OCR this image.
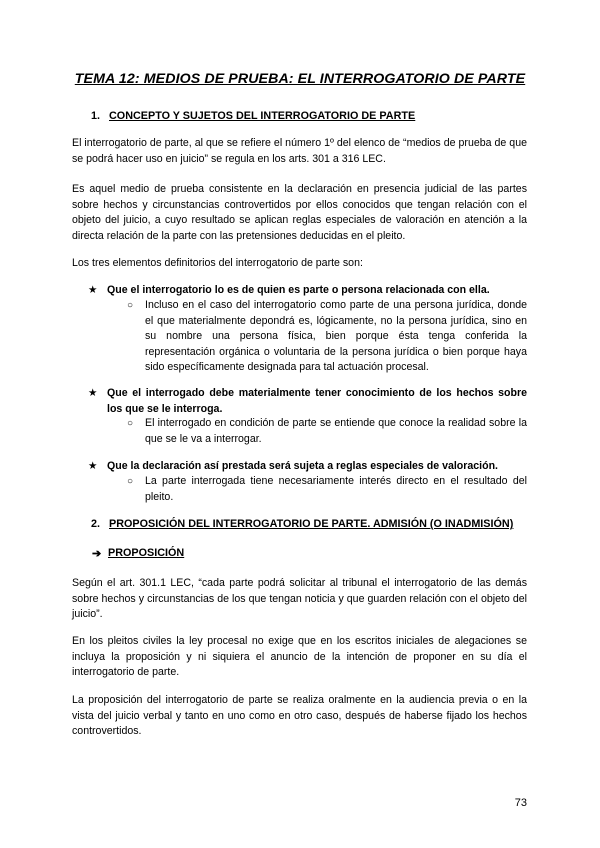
TEMA 12: MEDIOS DE PRUEBA: EL INTERROGATORIO DE PARTE
1. CONCEPTO Y SUJETOS DEL INTERROGATORIO DE PARTE
El interrogatorio de parte, al que se refiere el número 1º del elenco de “medios de prueba de que se podrá hacer uso en juicio” se regula en los arts. 301 a 316 LEC.
Es aquel medio de prueba consistente en la declaración en presencia judicial de las partes sobre hechos y circunstancias controvertidos por ellos conocidos que tengan relación con el objeto del juicio, a cuyo resultado se aplican reglas especiales de valoración en atención a la directa relación de la parte con las pretensiones deducidas en el pleito.
Los tres elementos definitorios del interrogatorio de parte son:
★ Que el interrogatorio lo es de quien es parte o persona relacionada con ella.
○ Incluso en el caso del interrogatorio como parte de una persona jurídica, donde el que materialmente depondrá es, lógicamente, no la persona jurídica, sino en su nombre una persona física, bien porque ésta tenga conferida la representación orgánica o voluntaria de la persona jurídica o bien porque haya sido específicamente designada para tal actuación procesal.
★ Que el interrogado debe materialmente tener conocimiento de los hechos sobre los que se le interroga.
○ El interrogado en condición de parte se entiende que conoce la realidad sobre la que se le va a interrogar.
★ Que la declaración así prestada será sujeta a reglas especiales de valoración.
○ La parte interrogada tiene necesariamente interés directo en el resultado del pleito.
2. PROPOSICIÓN DEL INTERROGATORIO DE PARTE. ADMISIÓN (O INADMISIÓN)
➔ PROPOSICIÓN
Según el art. 301.1 LEC, “cada parte podrá solicitar al tribunal el interrogatorio de las demás sobre hechos y circunstancias de los que tengan noticia y que guarden relación con el objeto del juicio”.
En los pleitos civiles la ley procesal no exige que en los escritos iniciales de alegaciones se incluya la proposición y ni siquiera el anuncio de la intención de proponer en su día el interrogatorio de parte.
La proposición del interrogatorio de parte se realiza oralmente en la audiencia previa o en la vista del juicio verbal y tanto en uno como en otro caso, después de haberse fijado los hechos controvertidos.
73
